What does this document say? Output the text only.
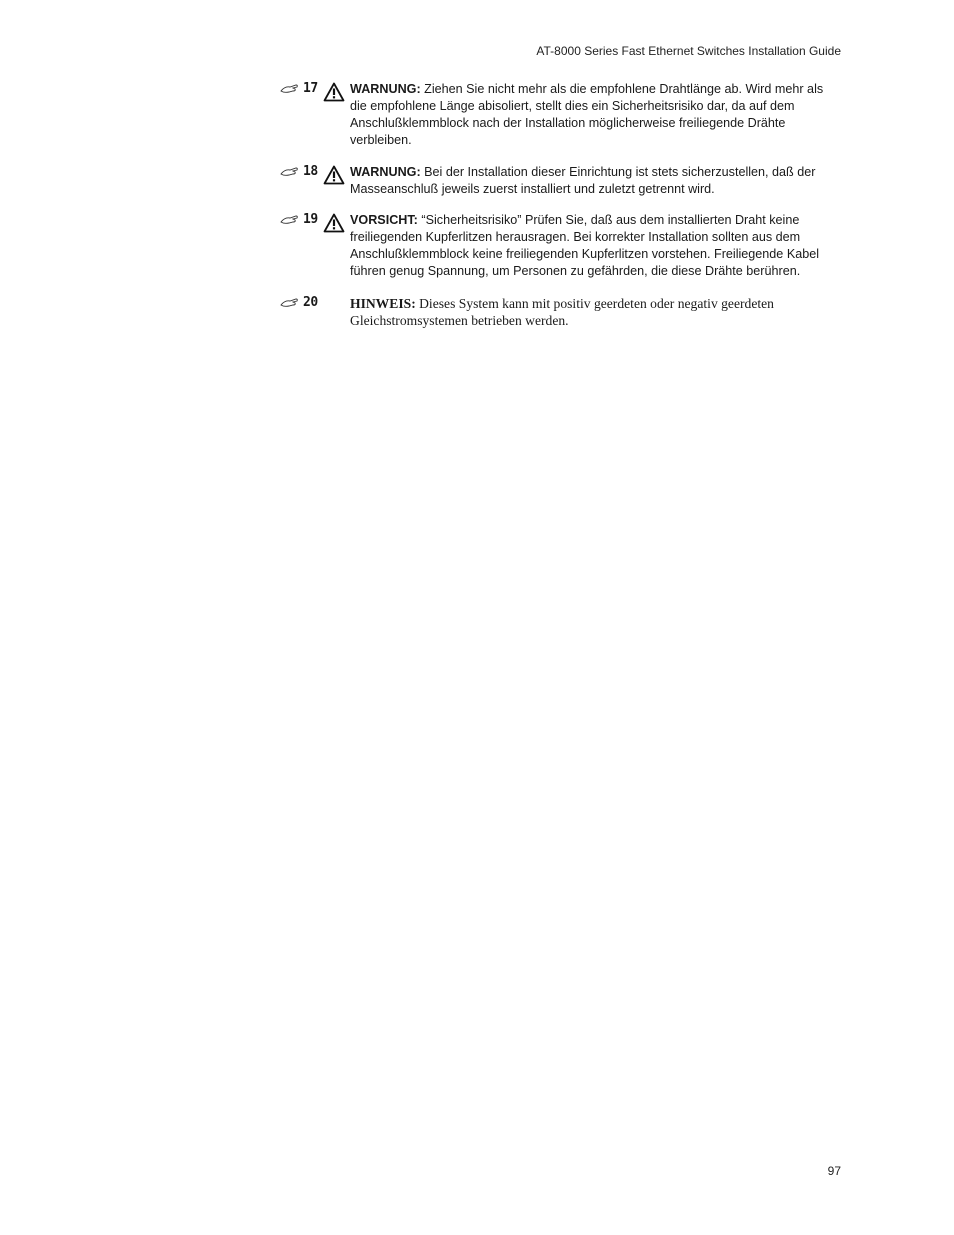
AT-8000 Series Fast Ethernet Switches Installation Guide
17	WARNUNG: Ziehen Sie nicht mehr als die empfohlene Drahtlänge ab. Wird mehr als die empfohlene Länge abisoliert, stellt dies ein Sicherheitsrisiko dar, da auf dem Anschlußklemmblock nach der Installation möglicherweise freiliegende Drähte verbleiben.
18	WARNUNG: Bei der Installation dieser Einrichtung ist stets sicherzustellen, daß der Masseanschluß jeweils zuerst installiert und zuletzt getrennt wird.
19	VORSICHT: “Sicherheitsrisiko” Prüfen Sie, daß aus dem installierten Draht keine freiliegenden Kupferlitzen herausragen. Bei korrekter Installation sollten aus dem Anschlußklemmblock keine freiliegenden Kupferlitzen vorstehen. Freiliegende Kabel führen genug Spannung, um Personen zu gefährden, die diese Drähte berühren.
20 HINWEIS: Dieses System kann mit positiv geerdeten oder negativ geerdeten Gleichstromsystemen betrieben werden.
97
